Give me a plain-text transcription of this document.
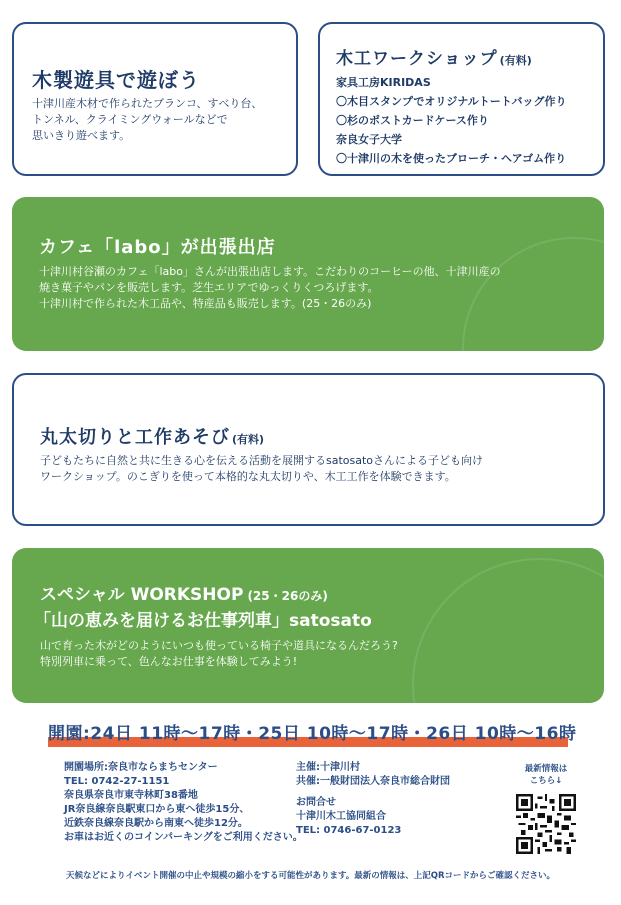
木製遊具で遊ぼう
十津川産木材で作られたブランコ、すべり台、
トンネル、クライミングウォールなどで
思いきり遊べます。
木工ワークショップ (有料)
家具工房KIRIDAS
〇木目スタンプでオリジナルトートバッグ作り
〇杉のポストカードケース作り
奈良女子大学
〇十津川の木を使ったブローチ・ヘアゴム作り
カフェ「labo」が出張出店
十津川村谷瀬のカフェ「labo」さんが出張出店します。こだわりのコーヒーの他、十津川産の
焼き菓子やパンを販売します。芝生エリアでゆっくりくつろげます。
十津川村で作られた木工品や、特産品も販売します。(25・26のみ)
丸太切りと工作あそび (有料)
子どもたちに自然と共に生きる心を伝える活動を展開するsatosatoさんによる子ども向け
ワークショップ。のこぎりを使って本格的な丸太切りや、木工工作を体験できます。
スペシャル WORKSHOP (25・26のみ)
「山の恵みを届けるお仕事列車」satosato
山で育った木がどのようにいつも使っている椅子や道具になるんだろう?
特別列車に乗って、色んなお仕事を体験してみよう!
開園:24日 11時〜17時・25日 10時〜17時・26日 10時〜16時
開園場所:奈良市ならまちセンター
TEL: 0742-27-1151
奈良県奈良市東寺林町38番地
JR奈良線奈良駅東口から東へ徒歩15分、
近鉄奈良線奈良駅から南東へ徒歩12分。
お車はお近くのコインパーキングをご利用ください。
主催:十津川村
共催:一般財団法人奈良市総合財団
お問合せ
十津川木工協同組合
TEL: 0746-67-0123
最新情報は
こちら↓
天候などによりイベント開催の中止や規模の縮小をする可能性があります。最新の情報は、上記QRコードからご確認ください。
